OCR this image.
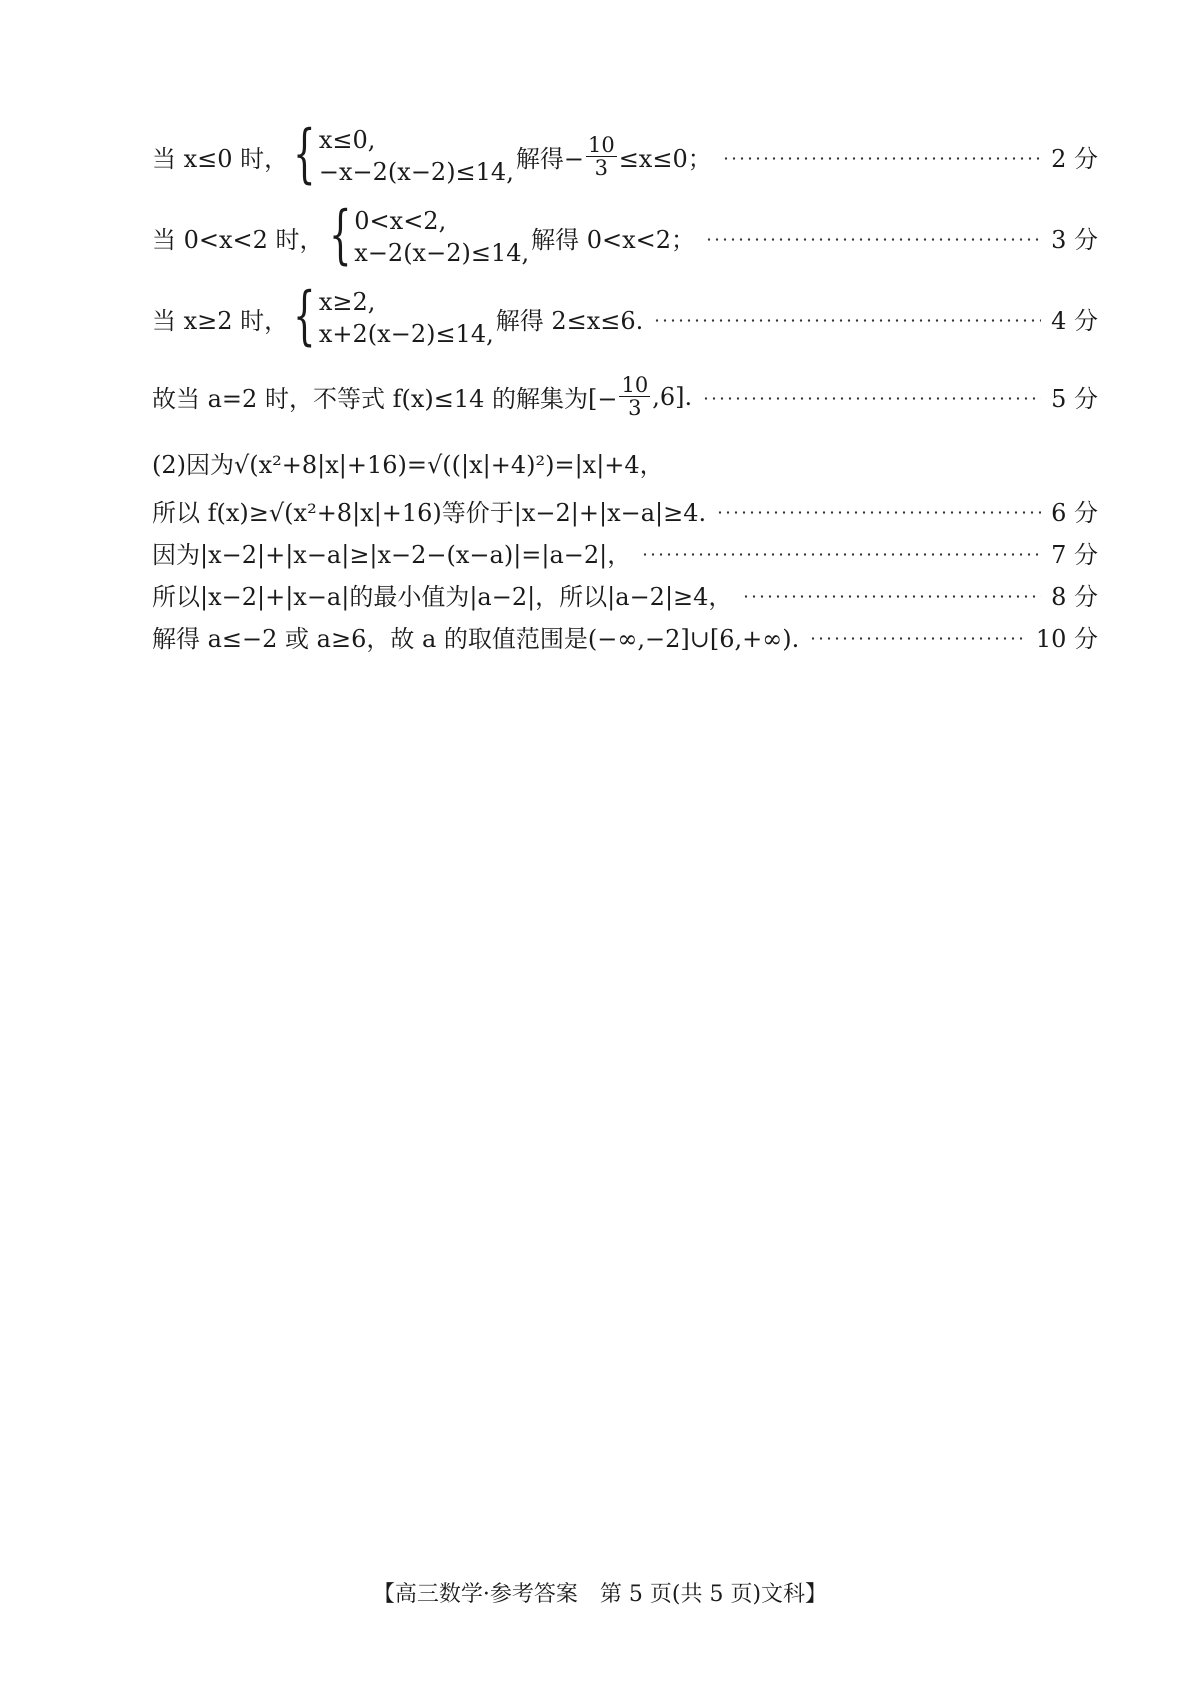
当 x≤0 时， { x≤0,
−x−2(x−2)≤14, 解得− $\frac{10}{3} \le x\le 0$；	2 分
当 0<x<2 时， { 0<x<2,
x−2(x−2)≤14, 解得 0<x<2；	3 分
当 x≥2 时， { x≥2,
x+2(x−2)≤14, 解得 2≤x≤6.	4 分
故当 a=2 时，不等式 f(x)≤14 的解集为[− $\frac{10}{3} ,6$].	5 分
(2)因为√(x²+8|x|+16)=√((|x|+4)²)=|x|+4，
所以 f(x)≥√(x²+8|x|+16)等价于|x−2|+|x−a|≥4.	6 分
因为|x−2|+|x−a|≥|x−2−(x−a)|=|a−2|，	7 分
所以|x−2|+|x−a|的最小值为|a−2|，所以|a−2|≥4，	8 分
解得 a≤−2 或 a≥6，故 a 的取值范围是(−∞,−2]∪[6,+∞).	10 分
【高三数学·参考答案　第 5 页(共 5 页)文科】
